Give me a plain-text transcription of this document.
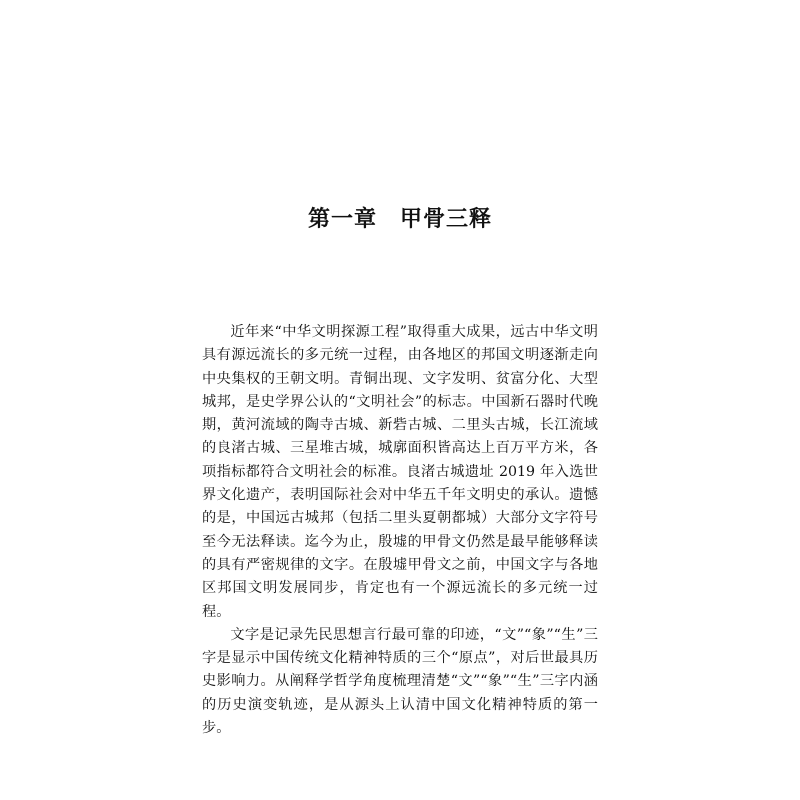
第一章　甲骨三释

近年来“中华文明探源工程”取得重大成果，远古中华文明具有源远流长的多元统一过程，由各地区的邦国文明逐渐走向中央集权的王朝文明。青铜出现、文字发明、贫富分化、大型城邦，是史学界公认的“文明社会”的标志。中国新石器时代晚期，黄河流域的陶寺古城、新砦古城、二里头古城，长江流域的良渚古城、三星堆古城，城廓面积皆高达上百万平方米，各项指标都符合文明社会的标准。良渚古城遗址 2019 年入选世界文化遗产，表明国际社会对中华五千年文明史的承认。遗憾的是，中国远古城邦（包括二里头夏朝都城）大部分文字符号至今无法释读。迄今为止，殷墟的甲骨文仍然是最早能够释读的具有严密规律的文字。在殷墟甲骨文之前，中国文字与各地区邦国文明发展同步，肯定也有一个源远流长的多元统一过程。

文字是记录先民思想言行最可靠的印迹，“文”“象”“生”三字是显示中国传统文化精神特质的三个“原点”，对后世最具历史影响力。从阐释学哲学角度梳理清楚“文”“象”“生”三字内涵的历史演变轨迹，是从源头上认清中国文化精神特质的第一步。
